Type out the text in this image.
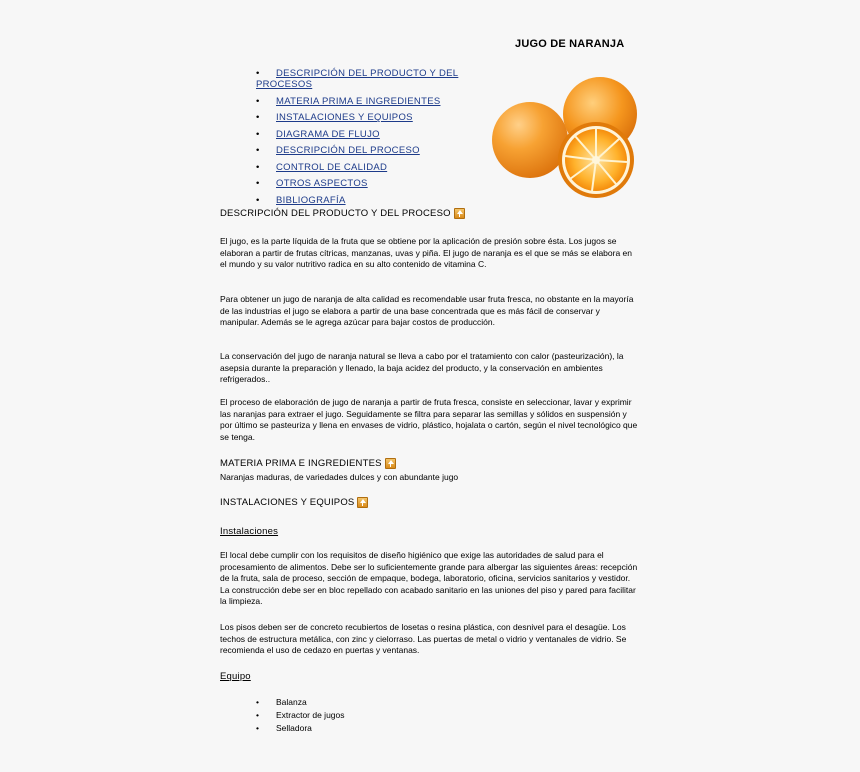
JUGO DE NARANJA
• DESCRIPCIÓN DEL PRODUCTO Y DEL PROCESOS
• MATERIA PRIMA E INGREDIENTES
• INSTALACIONES Y EQUIPOS
• DIAGRAMA DE FLUJO
• DESCRIPCIÓN DEL PROCESO
• CONTROL DE CALIDAD
• OTROS ASPECTOS
• BIBLIOGRAFÍA
DESCRIPCIÓN DEL PRODUCTO Y DEL PROCESO

El jugo, es la parte líquida de la fruta que se obtiene por la aplicación de presión sobre ésta. Los jugos se elaboran a partir de frutas cítricas, manzanas, uvas y piña. El jugo de naranja es el que se más se elabora en el mundo y su valor nutritivo radica en su alto contenido de vitamina C.

Para obtener un jugo de naranja de alta calidad es recomendable usar fruta fresca, no obstante en la mayoría de las industrias el jugo se elabora a partir de una base concentrada que es más fácil de conservar y manipular. Además se le agrega azúcar para bajar costos de producción.

La conservación del jugo de naranja natural se lleva a cabo por el tratamiento con calor (pasteurización), la asepsia durante la preparación y llenado, la baja acidez del producto, y la conservación en ambientes refrigerados..

El proceso de elaboración de jugo de naranja a partir de fruta fresca, consiste en seleccionar, lavar y exprimir las naranjas para extraer el jugo. Seguidamente se filtra para separar las semillas y sólidos en suspensión y por último se pasteuriza y llena en envases de vidrio, plástico, hojalata o cartón, según el nivel tecnológico que se tenga.

MATERIA PRIMA E INGREDIENTES

Naranjas maduras, de variedades dulces y con abundante jugo

INSTALACIONES Y EQUIPOS
Instalaciones

El local debe cumplir con los requisitos de diseño higiénico que exige las autoridades de salud para el procesamiento de alimentos. Debe ser lo suficientemente grande para albergar las siguientes áreas: recepción de la fruta, sala de proceso, sección de empaque, bodega, laboratorio, oficina, servicios sanitarios y vestidor. La construcción debe ser en bloc repellado con acabado sanitario en las uniones del piso y pared para facilitar la limpieza.

Los pisos deben ser de concreto recubiertos de losetas o resina plástica, con desnivel para el desagüe. Los techos de estructura metálica, con zinc y cielorraso. Las puertas de metal o vidrio y ventanales de vidrio. Se recomienda el uso de cedazo en puertas y ventanas.

Equipo
• Balanza
• Extractor de jugos
• Selladora
